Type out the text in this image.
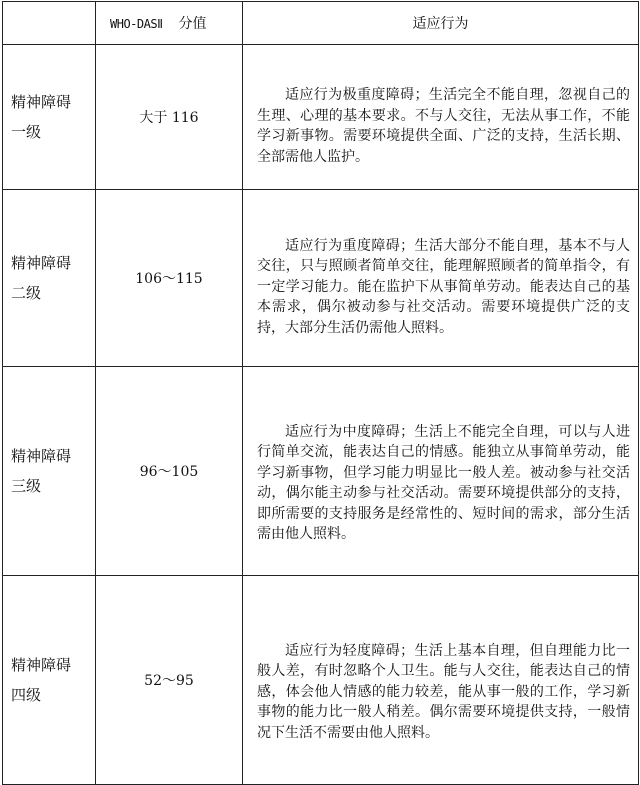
	WHO-DASⅡ 分值	适应行为

精神障碍
一级	大于 116	适应行为极重度障碍；生活完全不能自理，忽视自己的生理、心理的基本要求。不与人交往，无法从事工作，不能学习新事物。需要环境提供全面、广泛的支持，生活长期、全部需他人监护。

精神障碍
二级	106～115	适应行为重度障碍；生活大部分不能自理，基本不与人交往，只与照顾者简单交往，能理解照顾者的简单指令，有一定学习能力。能在监护下从事简单劳动。能表达自己的基本需求，偶尔被动参与社交活动。需要环境提供广泛的支持，大部分生活仍需他人照料。

精神障碍
三级	96～105	适应行为中度障碍；生活上不能完全自理，可以与人进行简单交流，能表达自己的情感。能独立从事简单劳动，能学习新事物，但学习能力明显比一般人差。被动参与社交活动，偶尔能主动参与社交活动。需要环境提供部分的支持，即所需要的支持服务是经常性的、短时间的需求，部分生活需由他人照料。

精神障碍
四级	52～95	适应行为轻度障碍；生活上基本自理，但自理能力比一般人差，有时忽略个人卫生。能与人交往，能表达自己的情感，体会他人情感的能力较差，能从事一般的工作，学习新事物的能力比一般人稍差。偶尔需要环境提供支持，一般情况下生活不需要由他人照料。
